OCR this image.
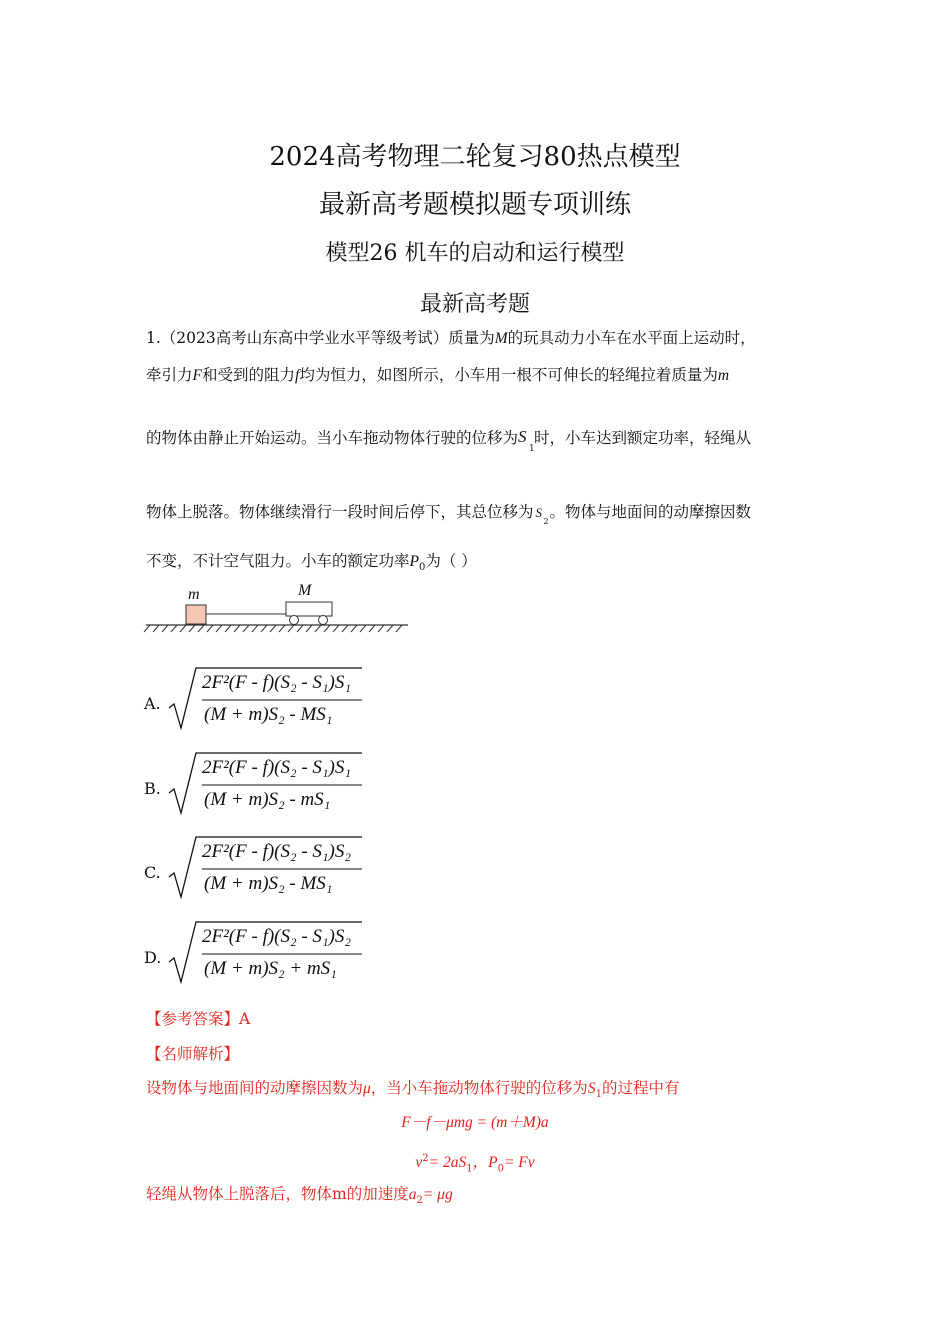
2024高考物理二轮复习80热点模型
最新高考题模拟题专项训练
模型26 机车的启动和运行模型
最新高考题
1.（2023高考山东高中学业水平等级考试）质量为M的玩具动力小车在水平面上运动时，
牵引力F和受到的阻力f均为恒力，如图所示，小车用一根不可伸长的轻绳拉着质量为m
的物体由静止开始运动。当小车拖动物体行驶的位移为 S
1
时，小车达到额定功率，轻绳从
物体上脱落。物体继续滑行一段时间后停下，其总位移为 S
2
。物体与地面间的动摩擦因数
不变，不计空气阻力。小车的额定功率$P_0$为（ ）
m	M
A.
2F²(F - f)(S₂ - S₁)S₁
(M + m)S₂ - MS₁
B.
2F²(F - f)(S₂ - S₁)S₁
(M + m)S₂ - mS₁
C.
2F²(F - f)(S₂ - S₁)S₂
(M + m)S₂ - MS₁
D.
2F²(F - f)(S₂ - S₁)S₂
(M + m)S₂ + mS₁
【参考答案】A
【名师解析】
设物体与地面间的动摩擦因数为μ，当小车拖动物体行驶的位移为$S_1$的过程中有
F－f－μmg = (m＋M)a
$v^2= 2aS_1$，$P_0= Fv$
轻绳从物体上脱落后，物体m的加速度$a_2= \mu g$
